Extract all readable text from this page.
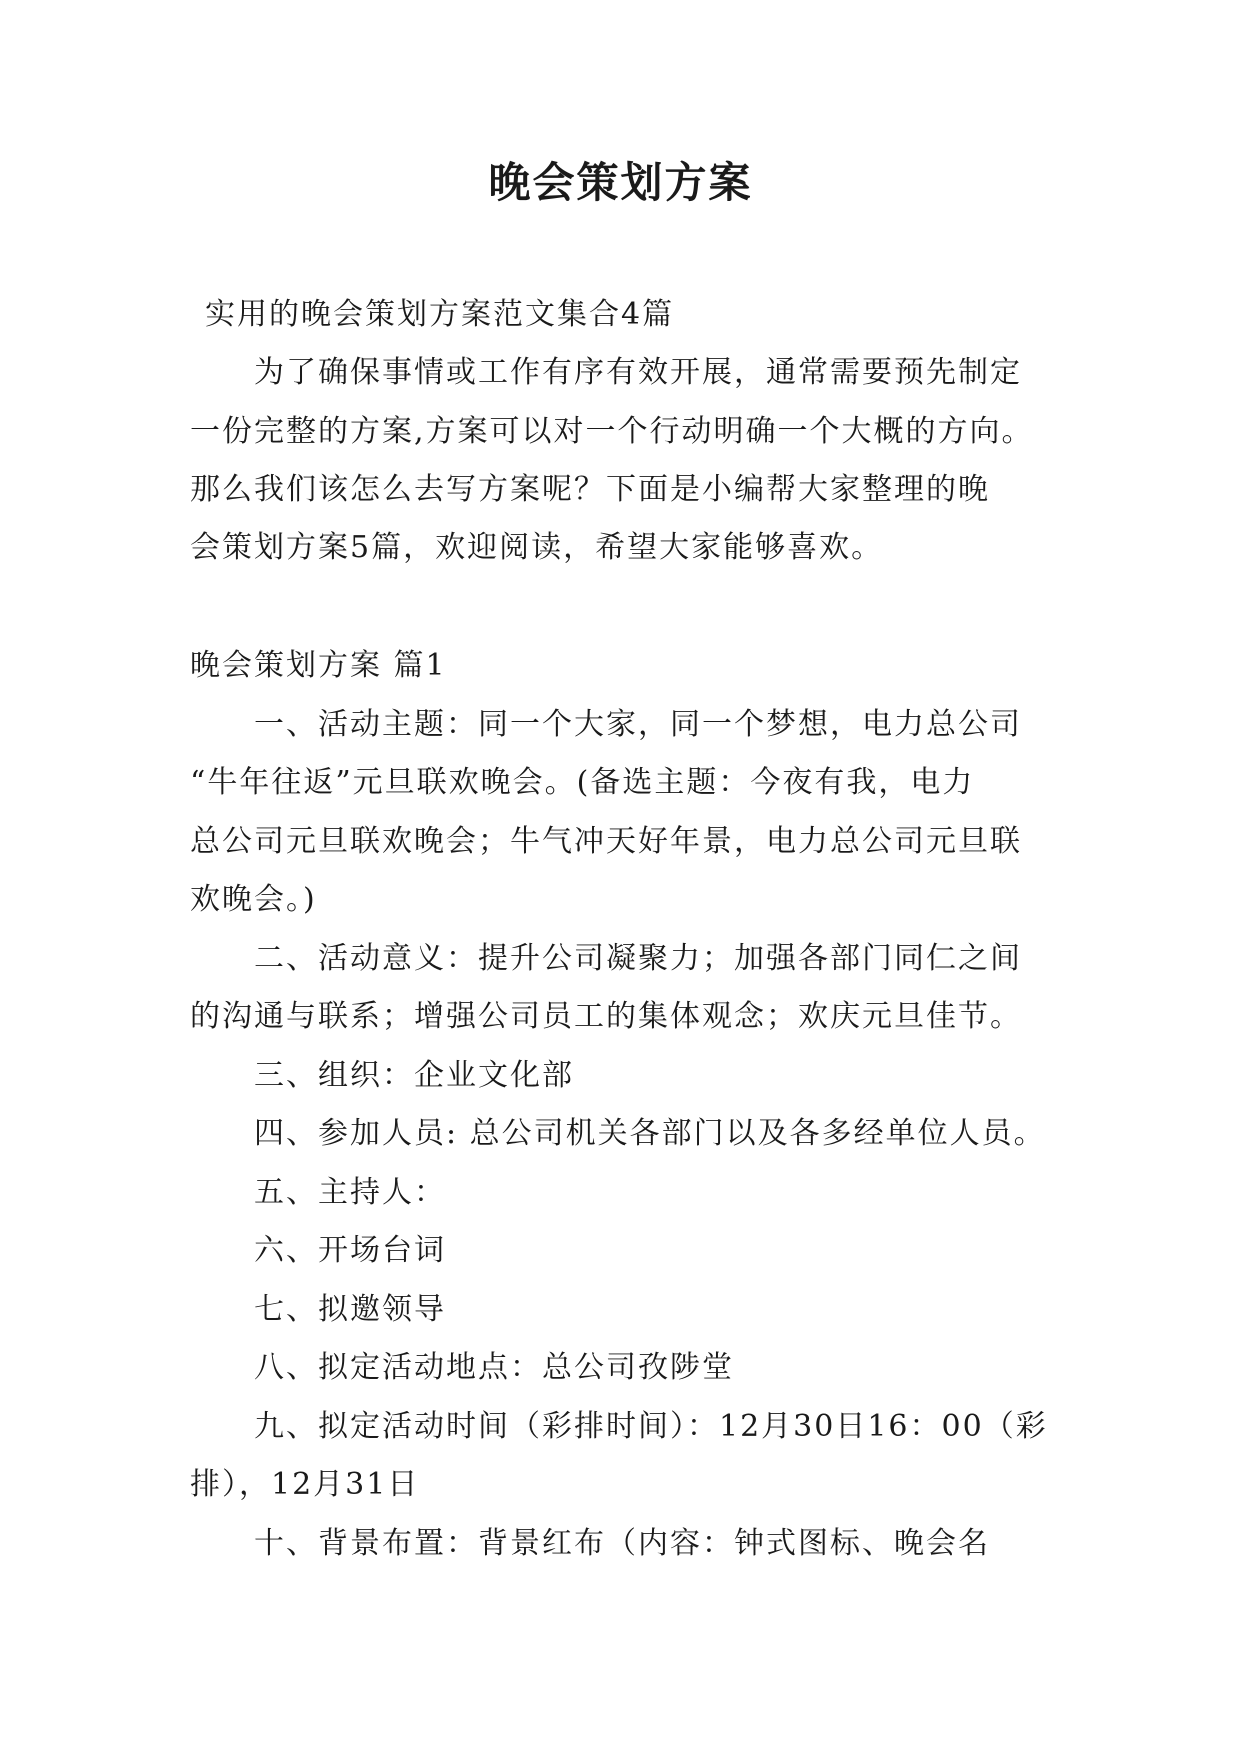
晚会策划方案
实用的晚会策划方案范文集合4篇
为了确保事情或工作有序有效开展，通常需要预先制定
一份完整的方案,方案可以对一个行动明确一个大概的方向。
那么我们该怎么去写方案呢？下面是小编帮大家整理的晚
会策划方案5篇，欢迎阅读，希望大家能够喜欢。
晚会策划方案 篇1
一、活动主题：同一个大家，同一个梦想，电力总公司
“牛年往返”元旦联欢晚会。(备选主题：今夜有我，电力
总公司元旦联欢晚会；牛气冲天好年景，电力总公司元旦联
欢晚会。)
二、活动意义：提升公司凝聚力；加强各部门同仁之间
的沟通与联系；增强公司员工的集体观念；欢庆元旦佳节。
三、组织：企业文化部
四、参加人员: 总公司机关各部门以及各多经单位人员。
五、主持人：
六、开场台词
七、拟邀领导
八、拟定活动地点：总公司孜陟堂
九、拟定活动时间（彩排时间）：12月30日16：00（彩
排），12月31日
十、背景布置：背景红布（内容：钟式图标、晚会名
